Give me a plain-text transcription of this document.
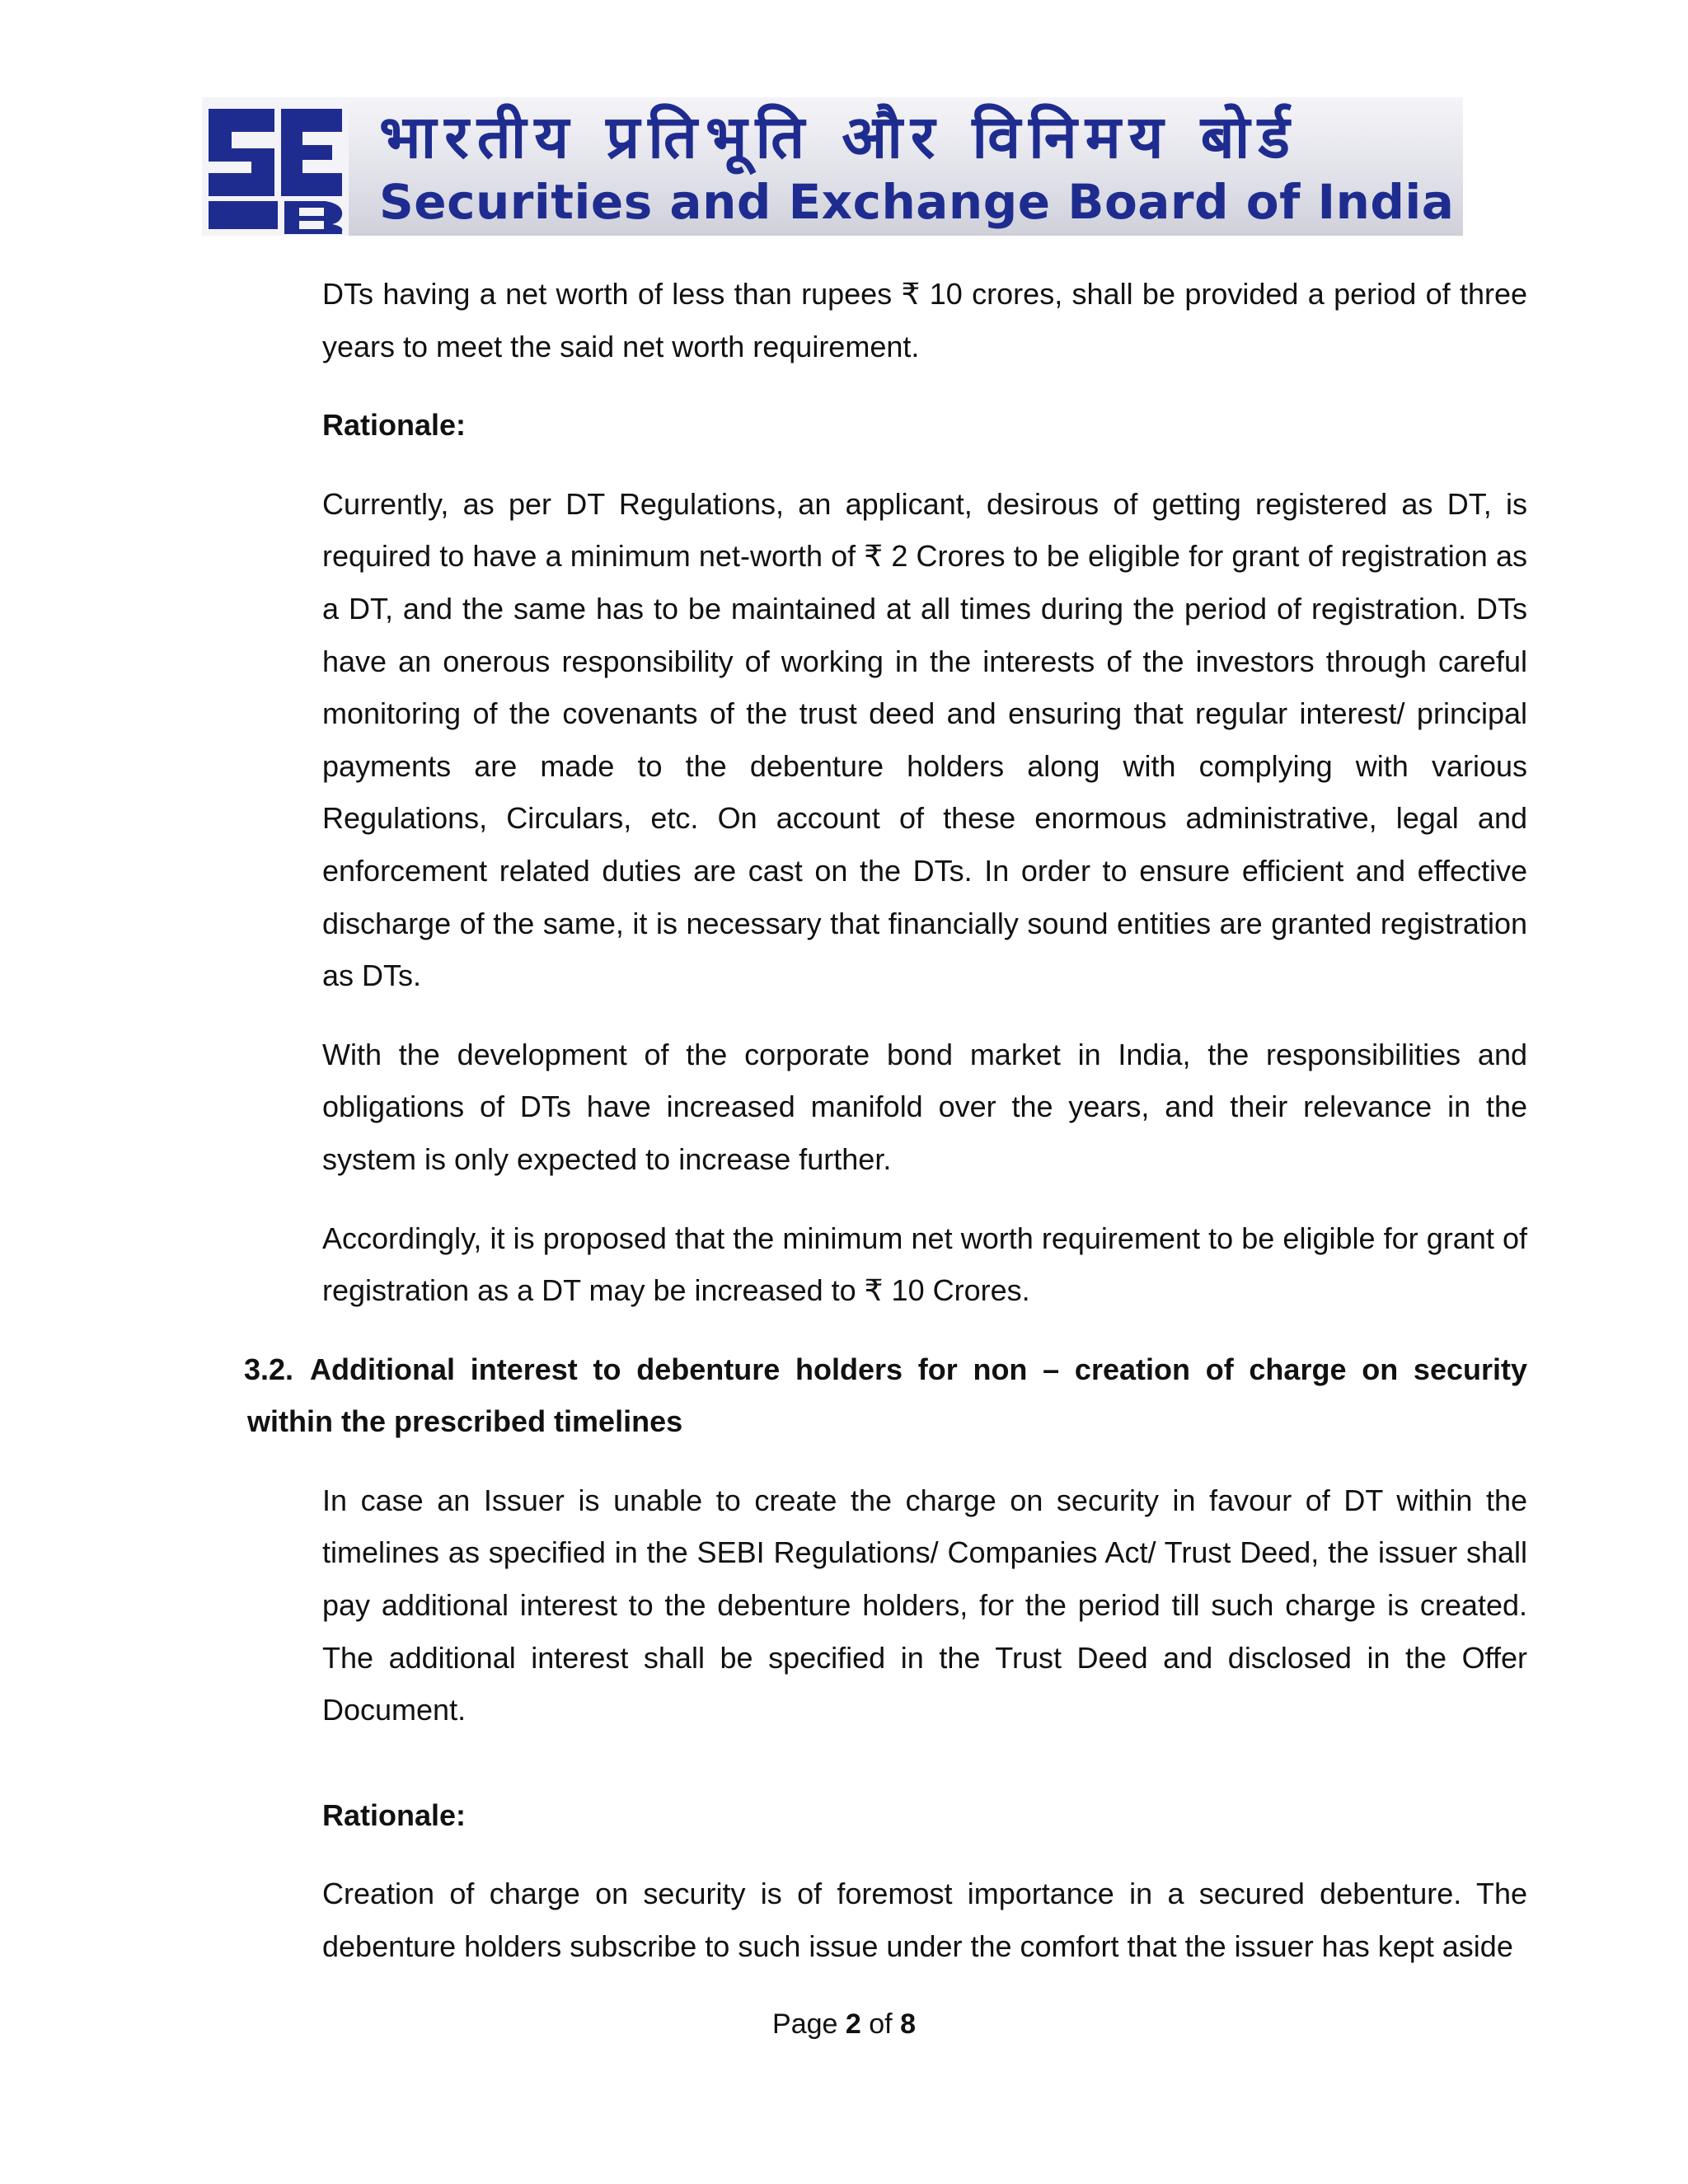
भारतीय प्रतिभूति और विनिमय बोर्ड
Securities and Exchange Board of India

DTs having a net worth of less than rupees ₹ 10 crores, shall be provided a period of three years to meet the said net worth requirement.

Rationale:

Currently, as per DT Regulations, an applicant, desirous of getting registered as DT, is required to have a minimum net-worth of ₹ 2 Crores to be eligible for grant of registration as a DT, and the same has to be maintained at all times during the period of registration. DTs have an onerous responsibility of working in the interests of the investors through careful monitoring of the covenants of the trust deed and ensuring that regular interest/ principal payments are made to the debenture holders along with complying with various Regulations, Circulars, etc. On account of these enormous administrative, legal and enforcement related duties are cast on the DTs. In order to ensure efficient and effective discharge of the same, it is necessary that financially sound entities are granted registration as DTs.

With the development of the corporate bond market in India, the responsibilities and obligations of DTs have increased manifold over the years, and their relevance in the system is only expected to increase further.

Accordingly, it is proposed that the minimum net worth requirement to be eligible for grant of registration as a DT may be increased to ₹ 10 Crores.

3.2. Additional interest to debenture holders for non – creation of charge on security within the prescribed timelines

In case an Issuer is unable to create the charge on security in favour of DT within the timelines as specified in the SEBI Regulations/ Companies Act/ Trust Deed, the issuer shall pay additional interest to the debenture holders, for the period till such charge is created. The additional interest shall be specified in the Trust Deed and disclosed in the Offer Document.

Rationale:

Creation of charge on security is of foremost importance in a secured debenture. The debenture holders subscribe to such issue under the comfort that the issuer has kept aside

Page 2 of 8
